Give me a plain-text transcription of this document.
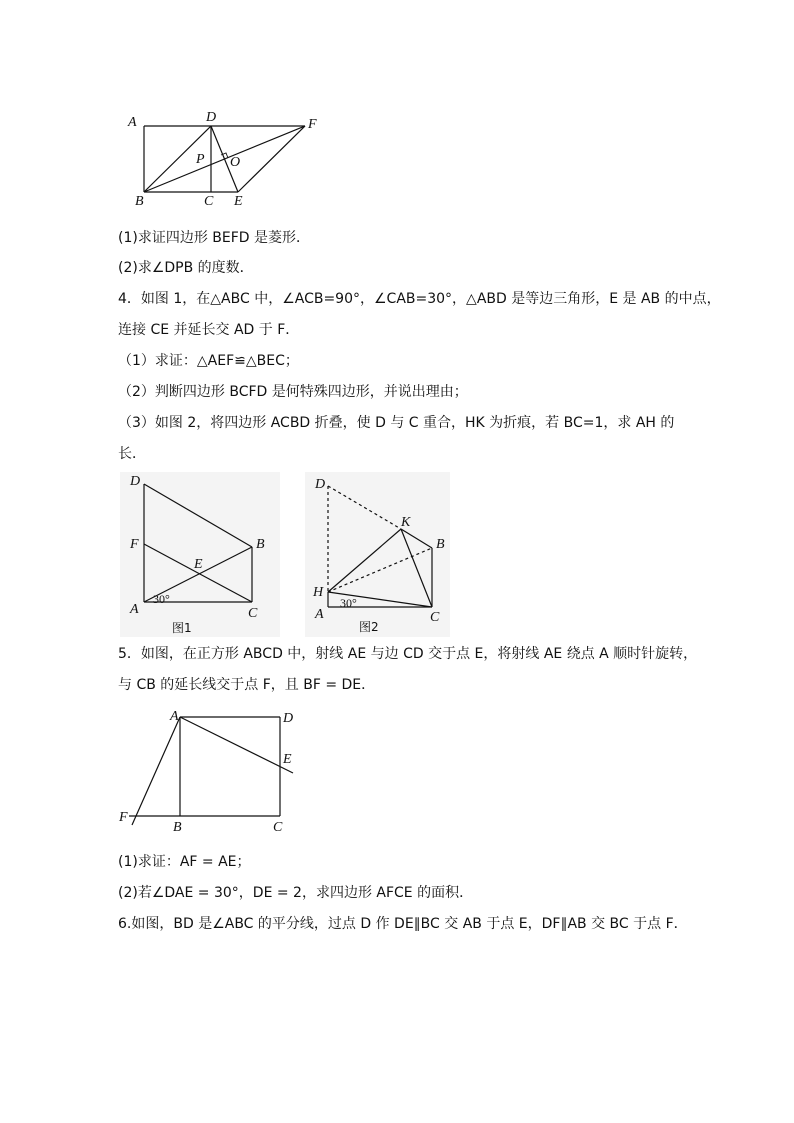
A	D	F
P O
B	C E
(1)求证四边形 BEFD 是菱形．
(2)求∠DPB 的度数．
4．如图 1，在△ABC 中，∠ACB=90°，∠CAB=30°，△ABD 是等边三角形，E 是 AB 的中点，
连接 CE 并延长交 AD 于 F．
（1）求证：△AEF≌△BEC；
（2）判断四边形 BCFD 是何特殊四边形，并说出理由；
（3）如图 2，将四边形 ACBD 折叠，使 D 与 C 重合，HK 为折痕，若 BC=1，求 AH 的
长．
D
F	B
E
A	C
30°
图1
D
K
B
H
A	C
30°
图2
5．如图，在正方形 ABCD 中，射线 AE 与边 CD 交于点 E，将射线 AE 绕点 A 顺时针旋转，
与 CB 的延长线交于点 F，且 BF = DE．
A	D
E
F
B	C
(1)求证：AF = AE；
(2)若∠DAE = 30°，DE = 2，求四边形 AFCE 的面积．
6.如图，BD 是∠ABC 的平分线，过点 D 作 DE∥BC 交 AB 于点 E，DF∥AB 交 BC 于点 F．
